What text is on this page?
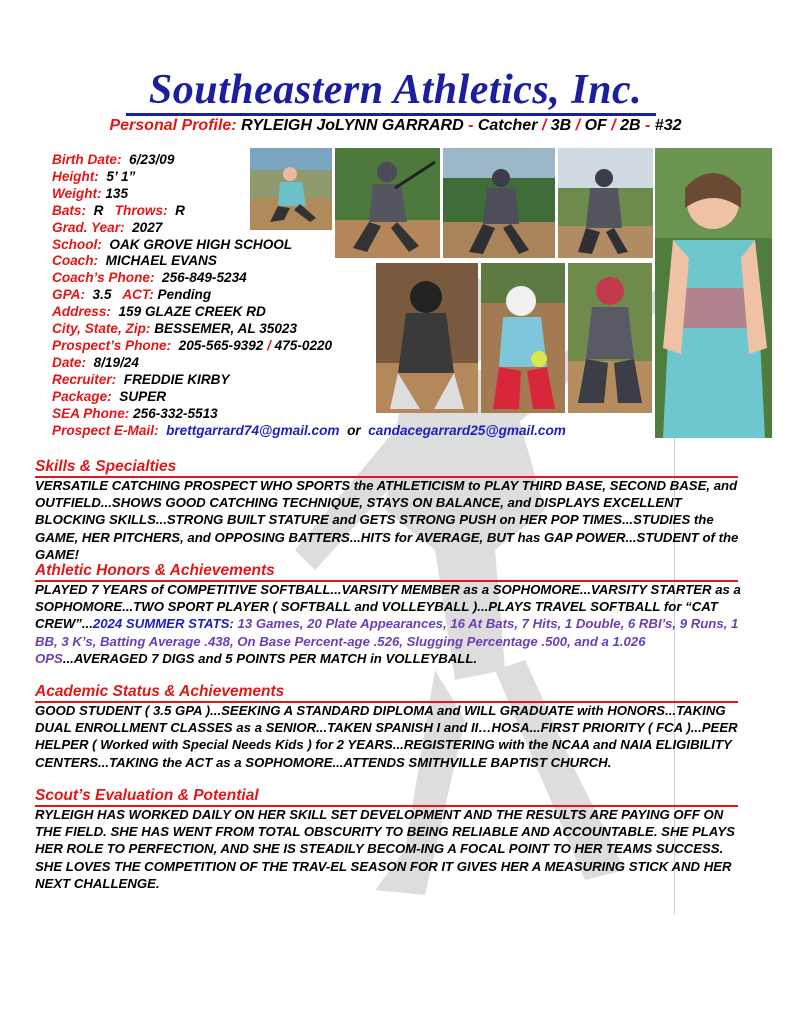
Southeastern Athletics, Inc.
Personal Profile: RYLEIGH JoLYNN GARRARD - Catcher / 3B / OF / 2B - #32
Birth Date: 6/23/09
Height: 5’ 1”
Weight: 135
Bats: R Throws: R
Grad. Year: 2027
School: OAK GROVE HIGH SCHOOL
Coach: MICHAEL EVANS
Coach’s Phone: 256-849-5234
GPA: 3.5 ACT: Pending
Address: 159 GLAZE CREEK RD
City, State, Zip: BESSEMER, AL 35023
Prospect’s Phone: 205-565-9392 / 475-0220
Date: 8/19/24
Recruiter: FREDDIE KIRBY
Package: SUPER
SEA Phone: 256-332-5513
Prospect E-Mail: brettgarrard74@gmail.com or candacegarrard25@gmail.com
Skills & Specialties
VERSATILE CATCHING PROSPECT WHO SPORTS the ATHLETICISM to PLAY THIRD BASE, SECOND BASE, and OUTFIELD...SHOWS GOOD CATCHING TECHNIQUE, STAYS ON BALANCE, and DISPLAYS EXCELLENT BLOCKING SKILLS...STRONG BUILT STATURE and GETS STRONG PUSH on HER POP TIMES...STUDIES the GAME, HER PITCHERS, and OPPOSING BATTERS...HITS for AVERAGE, BUT has GAP POWER...STUDENT of the GAME!
Athletic Honors & Achievements
PLAYED 7 YEARS of COMPETITIVE SOFTBALL...VARSITY MEMBER as a SOPHOMORE...VARSITY STARTER as a SOPHOMORE...TWO SPORT PLAYER ( SOFTBALL and VOLLEYBALL )...PLAYS TRAVEL SOFTBALL for “CAT CREW”...2024 SUMMER STATS: 13 Games, 20 Plate Appearances, 16 At Bats, 7 Hits, 1 Double, 6 RBI’s, 9 Runs, 1 BB, 3 K’s, Batting Average .438, On Base Percent-age .526, Slugging Percentage .500, and a 1.026 OPS...AVERAGED 7 DIGS and 5 POINTS PER MATCH in VOLLEYBALL.
Academic Status & Achievements
GOOD STUDENT ( 3.5 GPA )...SEEKING A STANDARD DIPLOMA and WILL GRADUATE with HONORS...TAKING DUAL ENROLLMENT CLASSES as a SENIOR...TAKEN SPANISH I and II…HOSA...FIRST PRIORITY ( FCA )...PEER HELPER ( Worked with Special Needs Kids ) for 2 YEARS...REGISTERING with the NCAA and NAIA ELIGIBILITY CENTERS...TAKING the ACT as a SOPHOMORE...ATTENDS SMITHVILLE BAPTIST CHURCH.
Scout’s Evaluation & Potential
RYLEIGH HAS WORKED DAILY ON HER SKILL SET DEVELOPMENT AND THE RESULTS ARE PAYING OFF ON THE FIELD. SHE HAS WENT FROM TOTAL OBSCURITY TO BEING RELIABLE AND ACCOUNTABLE. SHE PLAYS HER ROLE TO PERFECTION, AND SHE IS STEADILY BECOM-ING A FOCAL POINT TO HER TEAMS SUCCESS. SHE LOVES THE COMPETITION OF THE TRAV-EL SEASON FOR IT GIVES HER A MEASURING STICK AND HER NEXT CHALLENGE.
